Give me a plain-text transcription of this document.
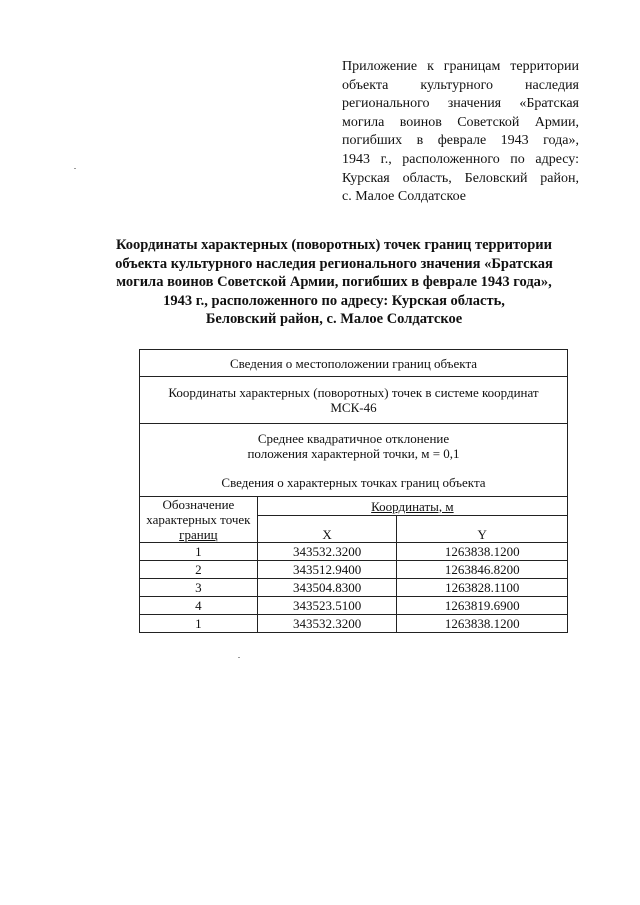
Приложение к границам территории
объекта культурного наследия
регионального значения «Братская
могила воинов Советской Армии,
погибших в феврале 1943 года»,
1943 г., расположенного по адресу:
Курская область, Беловский район,
с. Малое Солдатское
Координаты характерных (поворотных) точек границ территории
объекта культурного наследия регионального значения «Братская
могила воинов Советской Армии, погибших в феврале 1943 года»,
1943 г., расположенного по адресу: Курская область,
Беловский район, с. Малое Солдатское
Сведения о местоположении границ объекта		

Координаты характерных (поворотных) точек в системе координат
МСК-46		

Среднее квадратичное отклонение
положения характерной точки, м = 0,1
Сведения о характерных точках границ объекта		

Обозначение
характерных точек
границ	Координаты, м	
	X	Y
1	343532.3200	1263838.1200
2	343512.9400	1263846.8200
3	343504.8300	1263828.1100
4	343523.5100	1263819.6900
1	343532.3200	1263838.1200
